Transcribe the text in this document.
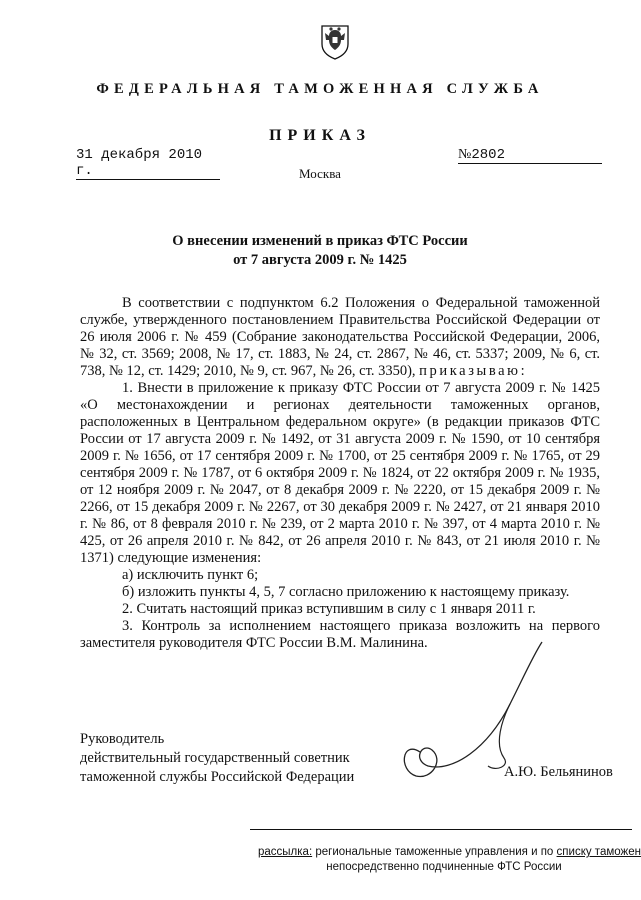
ФЕДЕРАЛЬНАЯ ТАМОЖЕННАЯ СЛУЖБА
ПРИКАЗ
31 декабря 2010 г.
№2802
Москва
О внесении изменений в приказ ФТС России
от 7 августа 2009 г. № 1425

В соответствии с подпунктом 6.2 Положения о Федеральной таможенной службе, утвержденного постановлением Правительства Российской Федерации от 26 июля 2006 г. № 459 (Собрание законодательства Российской Федерации, 2006, № 32, ст. 3569; 2008, № 17, ст. 1883, № 24, ст. 2867, № 46, ст. 5337; 2009, № 6, ст. 738, № 12, ст. 1429; 2010, № 9, ст. 967, № 26, ст. 3350), приказываю:

1. Внести в приложение к приказу ФТС России от 7 августа 2009 г. № 1425 «О местонахождении и регионах деятельности таможенных органов, расположенных в Центральном федеральном округе» (в редакции приказов ФТС России от 17 августа 2009 г. № 1492, от 31 августа 2009 г. № 1590, от 10 сентября 2009 г. № 1656, от 17 сентября 2009 г. № 1700, от 25 сентября 2009 г. № 1765, от 29 сентября 2009 г. № 1787, от 6 октября 2009 г. № 1824, от 22 октября 2009 г. № 1935, от 12 ноября 2009 г. № 2047, от 8 декабря 2009 г. № 2220, от 15 декабря 2009 г. № 2266, от 15 декабря 2009 г. № 2267, от 30 декабря 2009 г. № 2427, от 21 января 2010 г. № 86, от 8 февраля 2010 г. № 239, от 2 марта 2010 г. № 397, от 4 марта 2010 г. № 425, от 26 апреля 2010 г. № 842, от 26 апреля 2010 г. № 843, от 21 июля 2010 г. № 1371) следующие изменения:

а) исключить пункт 6;

б) изложить пункты 4, 5, 7 согласно приложению к настоящему приказу.

2. Считать настоящий приказ вступившим в силу с 1 января 2011 г.

3. Контроль за исполнением настоящего приказа возложить на первого заместителя руководителя ФТС России В.М. Малинина.

Руководитель
действительный государственный советник
таможенной службы Российской Федерации	А.Ю. Бельянинов
рассылка: региональные таможенные управления и по списку таможен
непосредственно подчиненные ФТС России
